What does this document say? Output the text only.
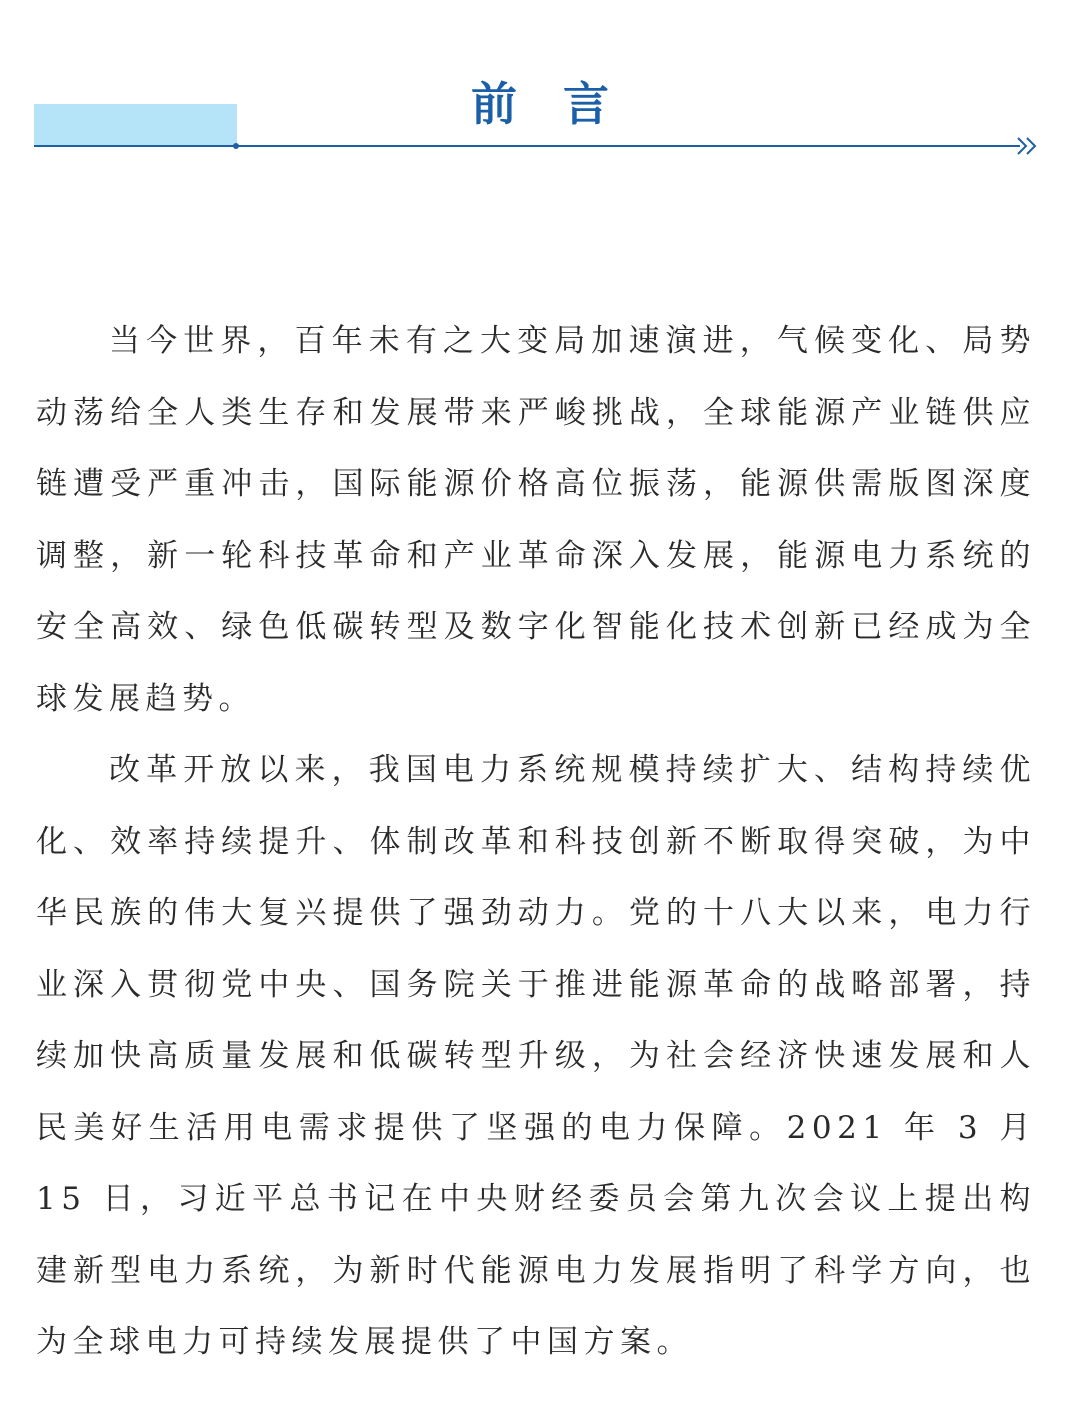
前言

当今世界，百年未有之大变局加速演进，气候变化、局势动荡给全人类生存和发展带来严峻挑战，全球能源产业链供应链遭受严重冲击，国际能源价格高位振荡，能源供需版图深度调整，新一轮科技革命和产业革命深入发展，能源电力系统的安全高效、绿色低碳转型及数字化智能化技术创新已经成为全球发展趋势。

改革开放以来，我国电力系统规模持续扩大、结构持续优化、效率持续提升、体制改革和科技创新不断取得突破，为中华民族的伟大复兴提供了强劲动力。党的十八大以来，电力行业深入贯彻党中央、国务院关于推进能源革命的战略部署，持续加快高质量发展和低碳转型升级，为社会经济快速发展和人民美好生活用电需求提供了坚强的电力保障。2021 年 3 月 15 日，习近平总书记在中央财经委员会第九次会议上提出构建新型电力系统，为新时代能源电力发展指明了科学方向，也为全球电力可持续发展提供了中国方案。
